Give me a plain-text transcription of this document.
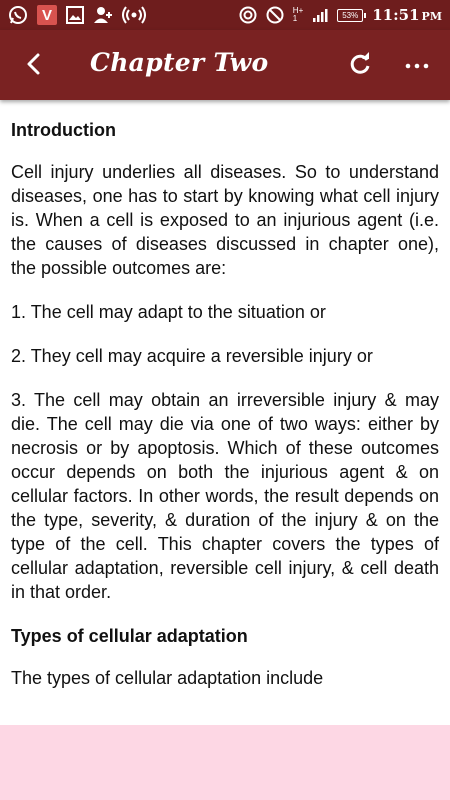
V	H+
1	53% 11:51 PM
Chapter Two
Introduction
Cell injury underlies all diseases. So to understand diseases, one has to start by knowing what cell injury is. When a cell is exposed to an injurious agent (i.e. the causes of diseases discussed in chapter one), the possible outcomes are:
1. The cell may adapt to the situation or
2. They cell may acquire a reversible injury or
3. The cell may obtain an irreversible injury & may die. The cell may die via one of two ways: either by necrosis or by apoptosis. Which of these outcomes occur depends on both the injurious agent & on cellular factors. In other words, the result depends on the type, severity, & duration of the injury & on the type of the cell. This chapter covers the types of cellular adaptation, reversible cell injury, & cell death in that order.
Types of cellular adaptation
The types of cellular adaptation include
